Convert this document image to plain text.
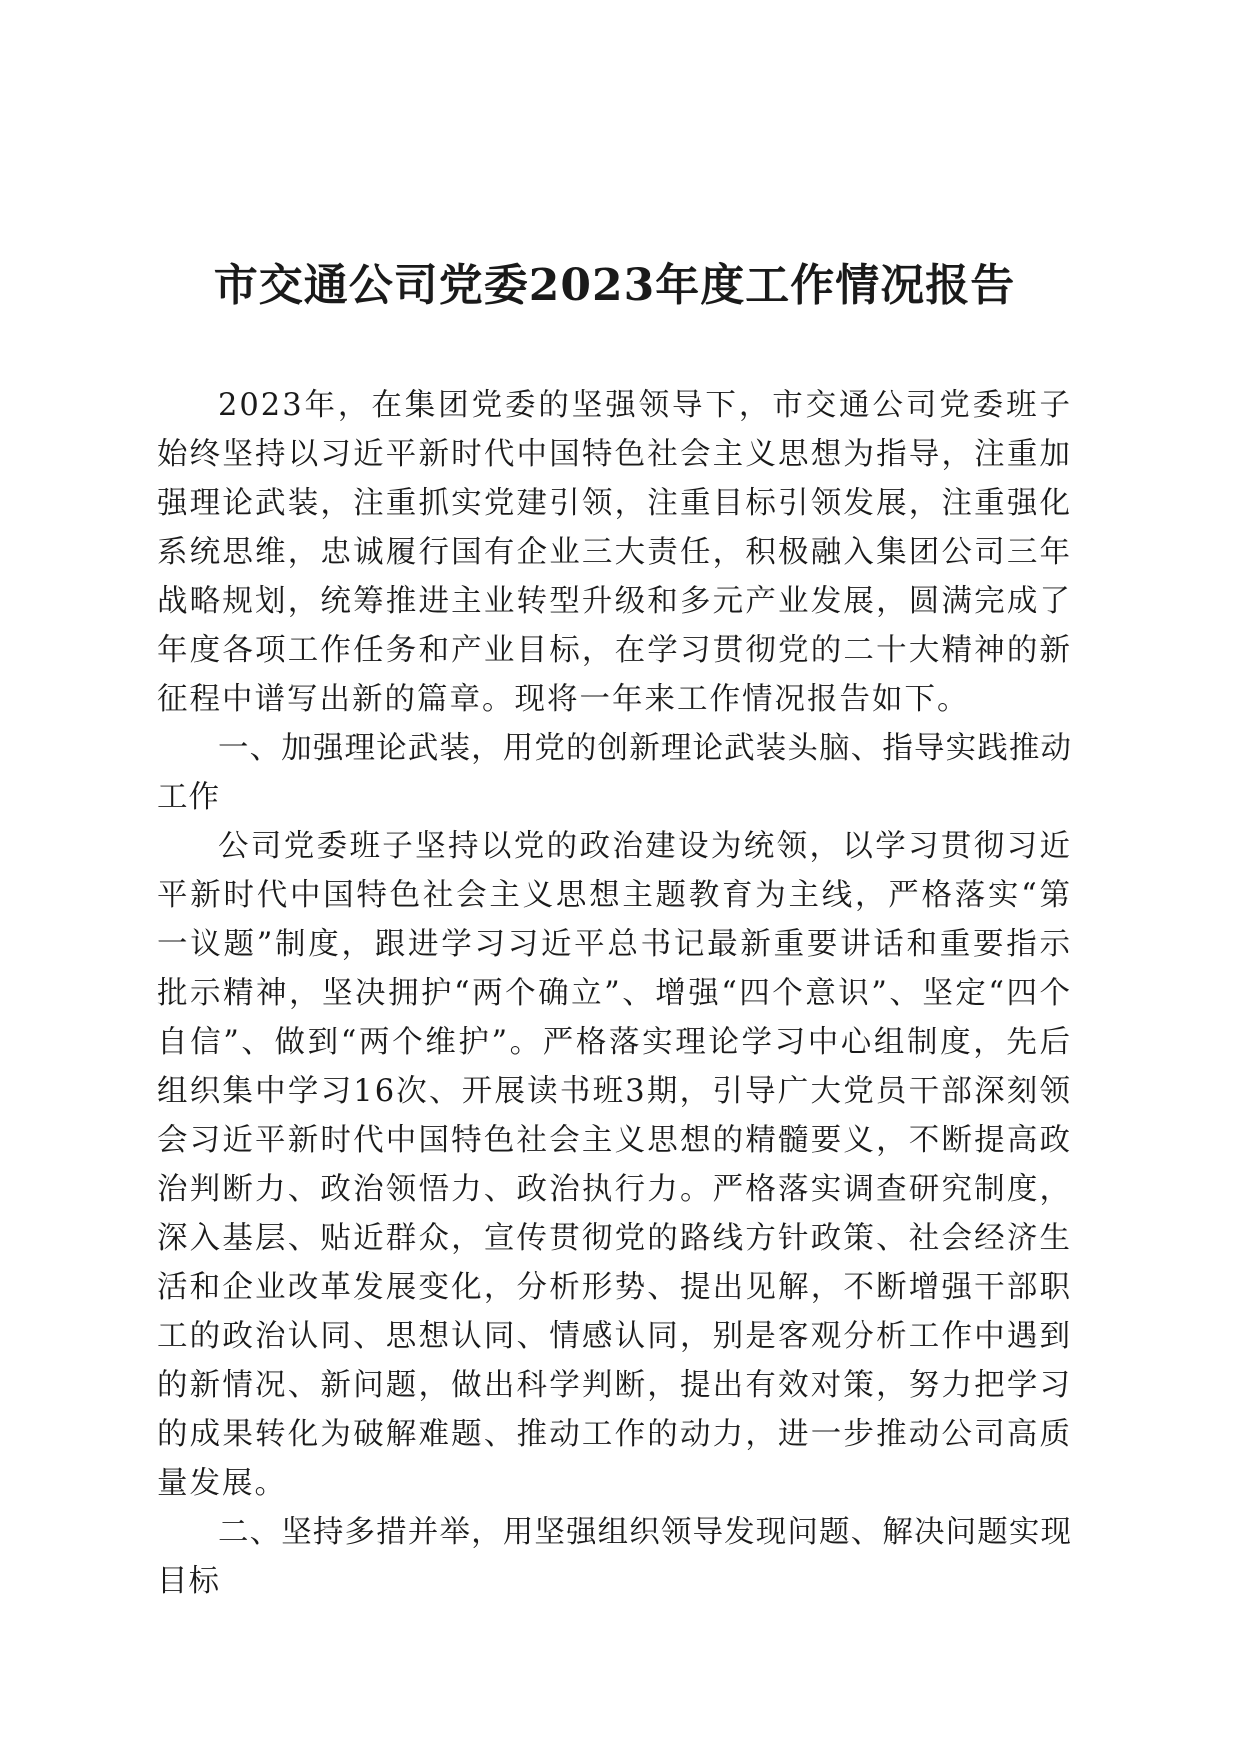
市交通公司党委2023年度工作情况报告

2023年，在集团党委的坚强领导下，市交通公司党委班子始终坚持以习近平新时代中国特色社会主义思想为指导，注重加强理论武装，注重抓实党建引领，注重目标引领发展，注重强化系统思维，忠诚履行国有企业三大责任，积极融入集团公司三年战略规划，统筹推进主业转型升级和多元产业发展，圆满完成了年度各项工作任务和产业目标，在学习贯彻党的二十大精神的新征程中谱写出新的篇章。现将一年来工作情况报告如下。

一、加强理论武装，用党的创新理论武装头脑、指导实践推动工作

公司党委班子坚持以党的政治建设为统领，以学习贯彻习近平新时代中国特色社会主义思想主题教育为主线，严格落实“第一议题”制度，跟进学习习近平总书记最新重要讲话和重要指示批示精神，坚决拥护“两个确立”、增强“四个意识”、坚定“四个自信”、做到“两个维护”。严格落实理论学习中心组制度，先后组织集中学习16次、开展读书班3期，引导广大党员干部深刻领会习近平新时代中国特色社会主义思想的精髓要义，不断提高政治判断力、政治领悟力、政治执行力。严格落实调查研究制度，深入基层、贴近群众，宣传贯彻党的路线方针政策、社会经济生活和企业改革发展变化，分析形势、提出见解，不断增强干部职工的政治认同、思想认同、情感认同，别是客观分析工作中遇到的新情况、新问题，做出科学判断，提出有效对策，努力把学习的成果转化为破解难题、推动工作的动力，进一步推动公司高质量发展。

二、坚持多措并举，用坚强组织领导发现问题、解决问题实现目标
